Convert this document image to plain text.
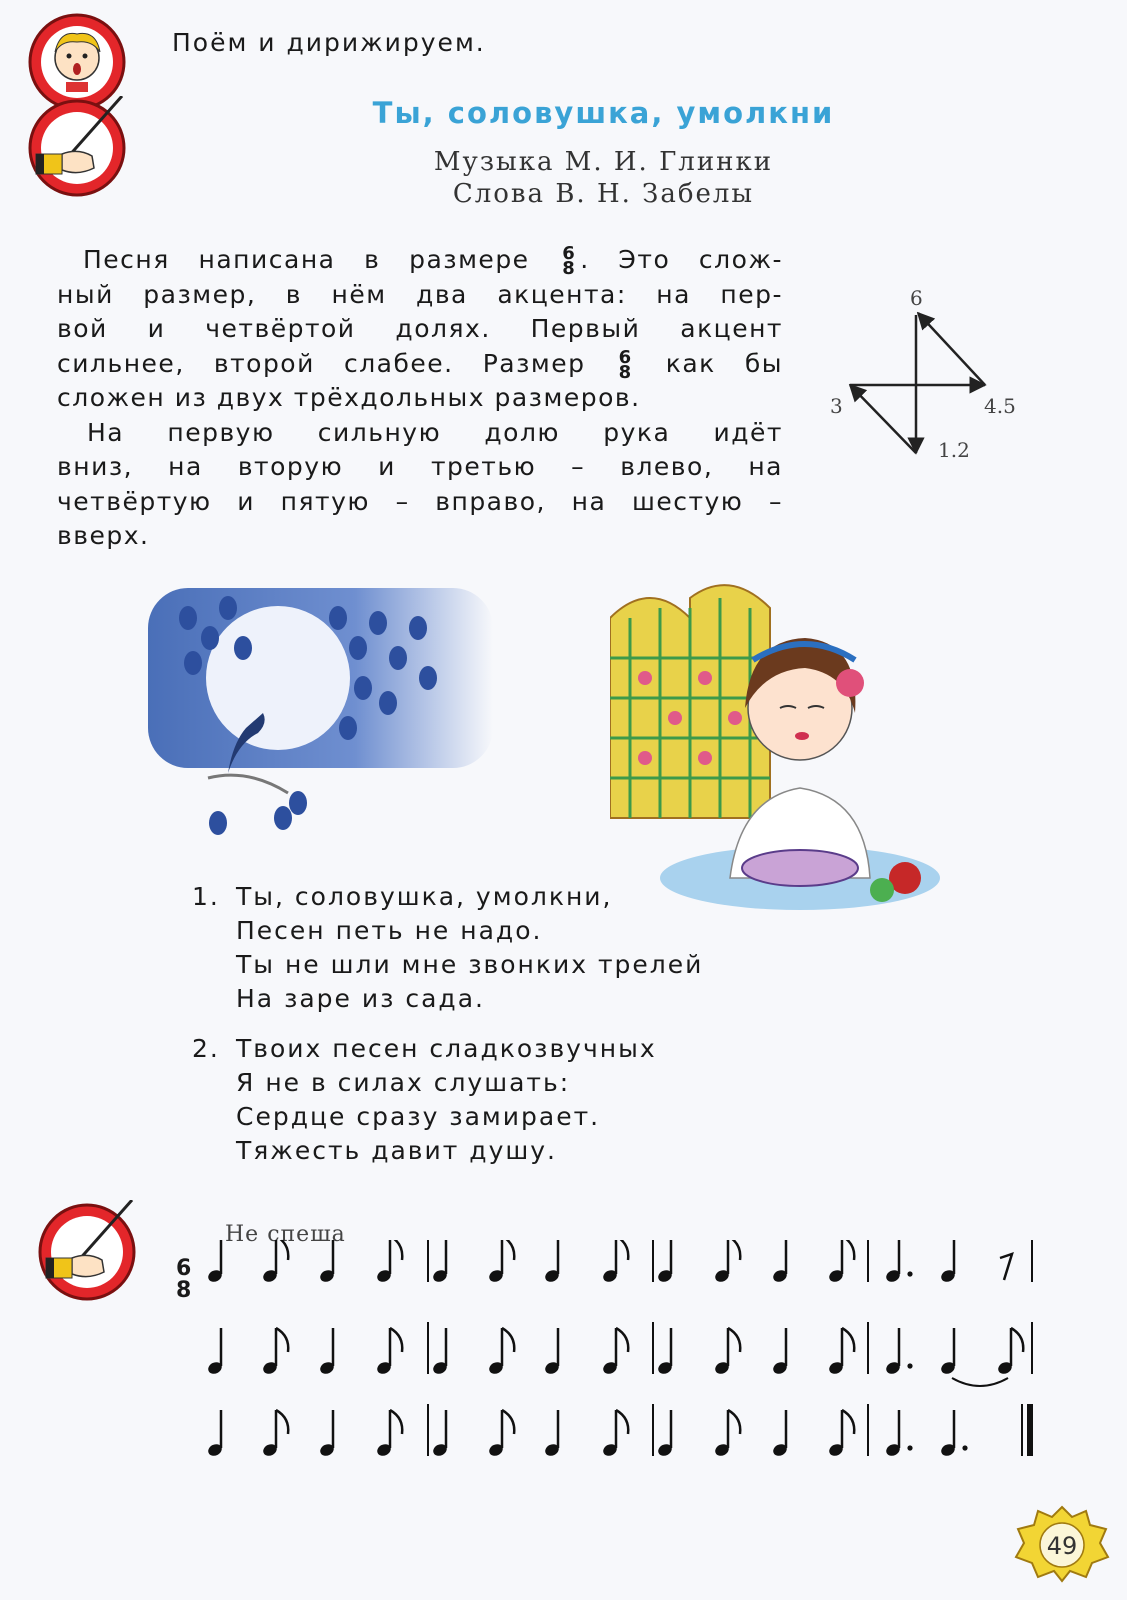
Поём и дирижируем.
Ты, соловушка, умолкни
Музыка М. И. Глинки
Слова В. Н. Забелы
Песня написана в размере 6
8 . Это слож-
ный размер, в нём два акцента: на пер-
вой и четвёртой долях. Первый акцент
сильнее, второй слабее. Размер 6
8 как бы
сложен из двух трёхдольных размеров.
На первую сильную долю рука идёт
вниз, на вторую и третью – влево, на
четвёртую и пятую – вправо, на шестую –
вверх.
6
3	4.5
1.2
1. Ты, соловушка, умолкни,
Песен петь не надо.
Ты не шли мне звонких трелей
На заре из сада.
2. Твоих песен сладкозвучных
Я не в силах слушать:
Сердце сразу замирает.
Тяжесть давит душу.
Не спеша
6
8
49
